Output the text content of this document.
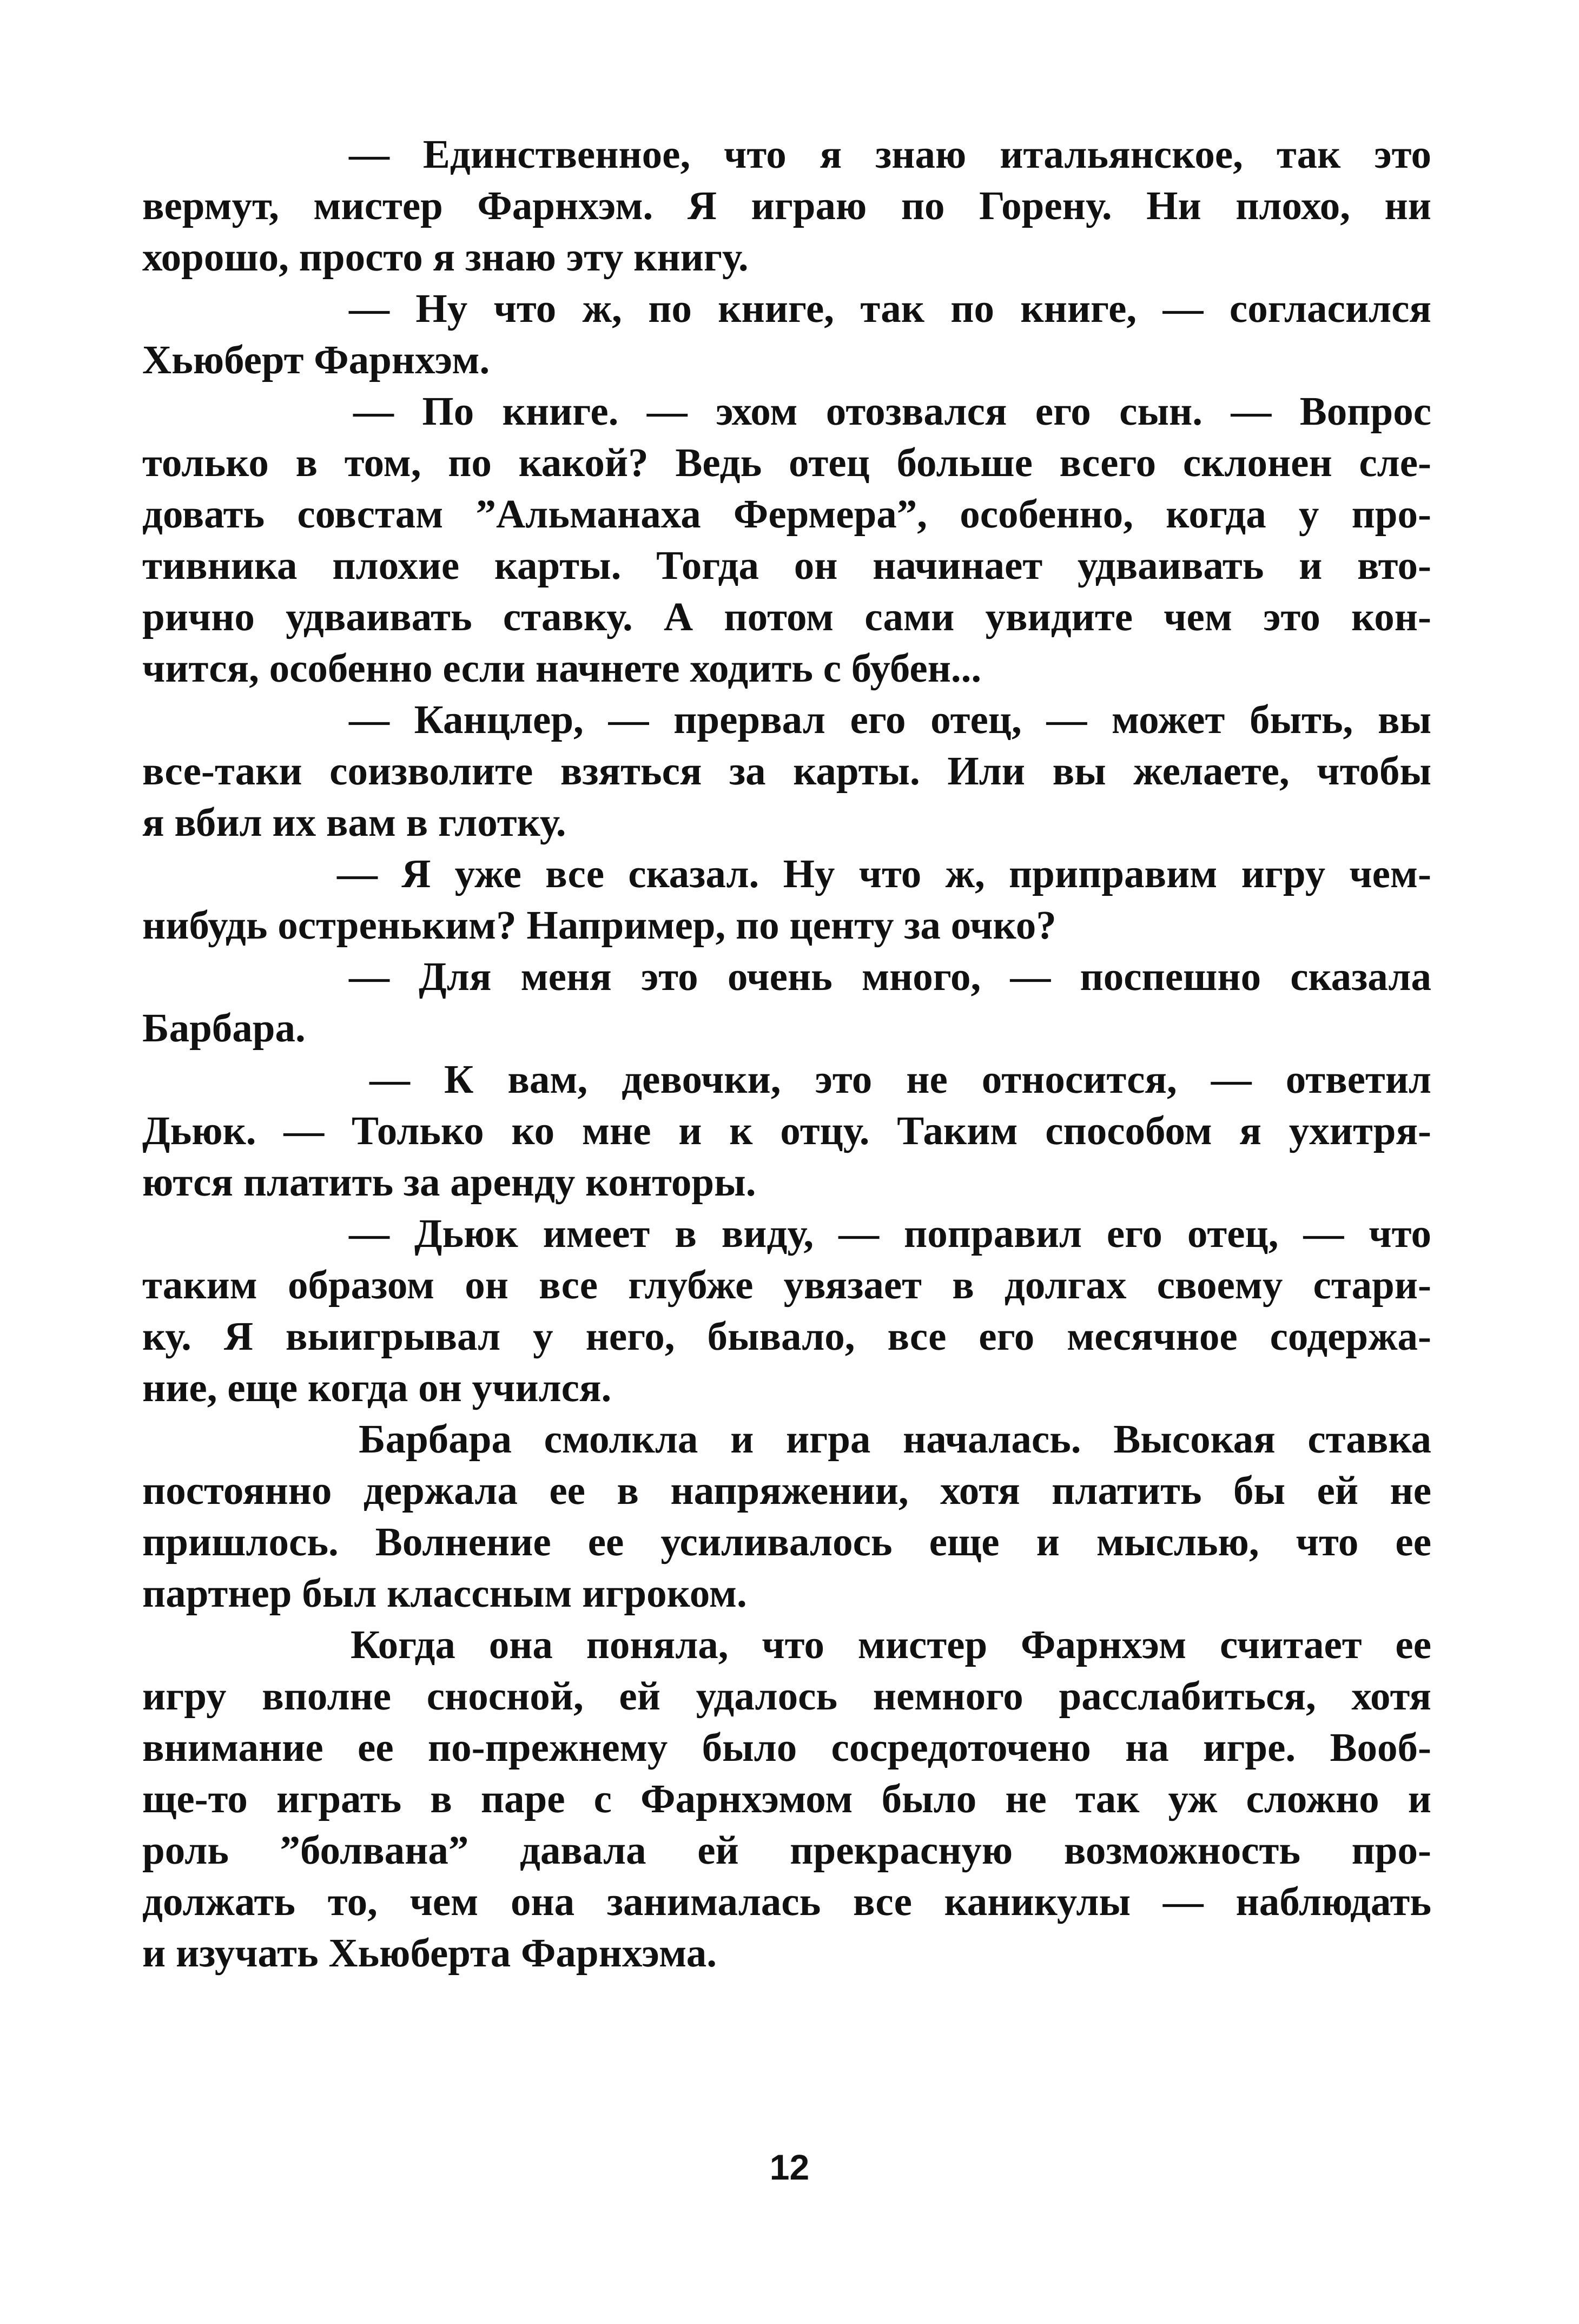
— Единственное, что я знаю итальянское, так это
вермут, мистер Фарнхэм. Я играю по Горену. Ни плохо, ни
хорошо, просто я знаю эту книгу.
— Ну что ж, по книге, так по книге, — согласился
Хьюберт Фарнхэм.
— По книге. — эхом отозвался его сын. — Вопрос
только в том, по какой? Ведь отец больше всего склонен сле-
довать совстам ”Альманаха Фермера”, особенно, когда у про-
тивника плохие карты. Тогда он начинает удваивать и вто-
рично удваивать ставку. А потом сами увидите чем это кон-
чится, особенно если начнете ходить с бубен...
— Канцлер, — прервал его отец, — может быть, вы
все-таки соизволите взяться за карты. Или вы желаете, чтобы
я вбил их вам в глотку.
— Я уже все сказал. Ну что ж, приправим игру чем-
нибудь остреньким? Например, по центу за очко?
— Для меня это очень много, — поспешно сказала
Барбара.
— К вам, девочки, это не относится, — ответил
Дьюк. — Только ко мне и к отцу. Таким способом я ухитря-
ются платить за аренду конторы.
— Дьюк имеет в виду, — поправил его отец, — что
таким образом он все глубже увязает в долгах своему стари-
ку. Я выигрывал у него, бывало, все его месячное содержа-
ние, еще когда он учился.
Барбара смолкла и игра началась. Высокая ставка
постоянно держала ее в напряжении, хотя платить бы ей не
пришлось. Волнение ее усиливалось еще и мыслью, что ее
партнер был классным игроком.
Когда она поняла, что мистер Фарнхэм считает ее
игру вполне сносной, ей удалось немного расслабиться, хотя
внимание ее по-прежнему было сосредоточено на игре. Вооб-
ще-то играть в паре с Фарнхэмом было не так уж сложно и
роль ”болвана” давала ей прекрасную возможность про-
должать то, чем она занималась все каникулы — наблюдать
и изучать Хьюберта Фарнхэма.
12
